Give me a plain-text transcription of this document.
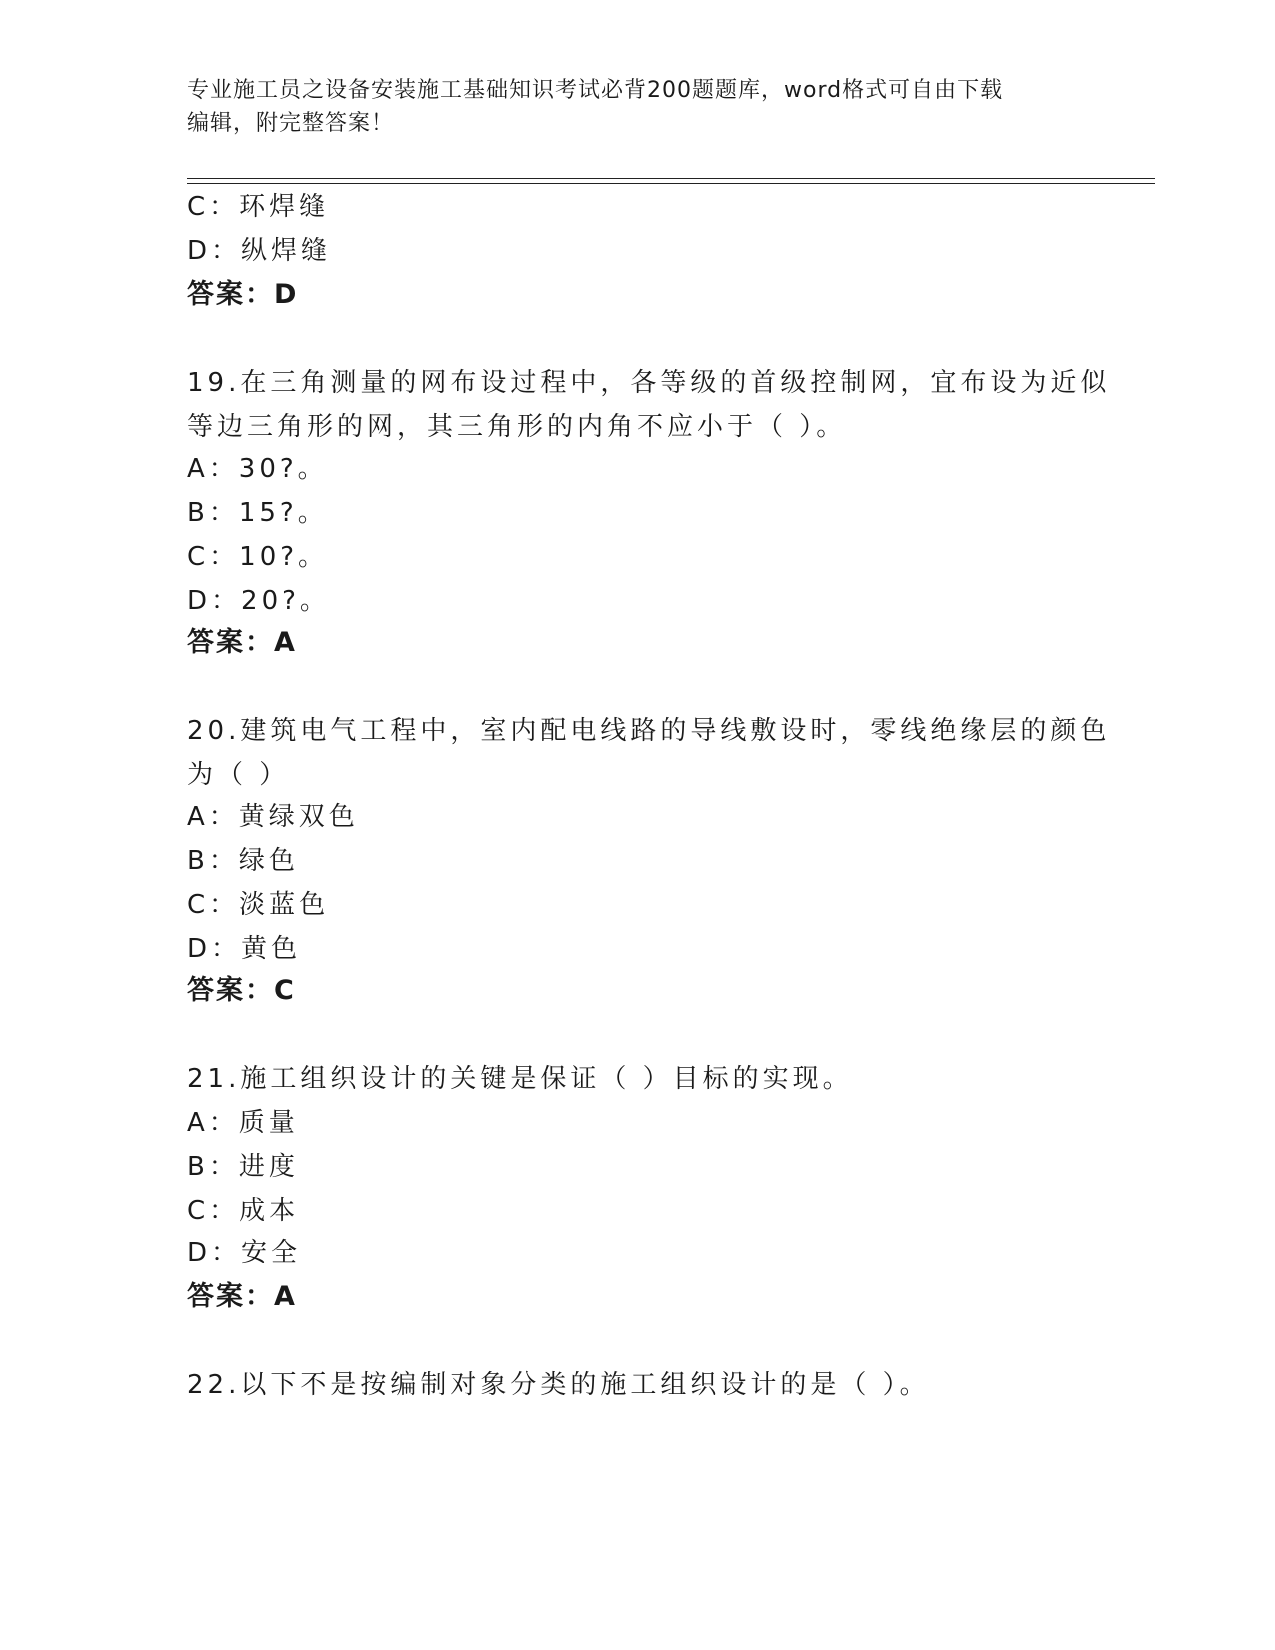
专业施工员之设备安装施工基础知识考试必背200题题库，word格式可自由下载
编辑，附完整答案！
C：环焊缝
D：纵焊缝
答案：D
19.在三角测量的网布设过程中，各等级的首级控制网，宜布设为近似
等边三角形的网，其三角形的内角不应小于（ ）。
A：30?。
B：15?。
C：10?。
D：20?。
答案：A
20.建筑电气工程中，室内配电线路的导线敷设时，零线绝缘层的颜色
为（ ）
A：黄绿双色
B：绿色
C：淡蓝色
D：黄色
答案：C
21.施工组织设计的关键是保证（ ）目标的实现。
A：质量
B：进度
C：成本
D：安全
答案：A
22.以下不是按编制对象分类的施工组织设计的是（ ）。
